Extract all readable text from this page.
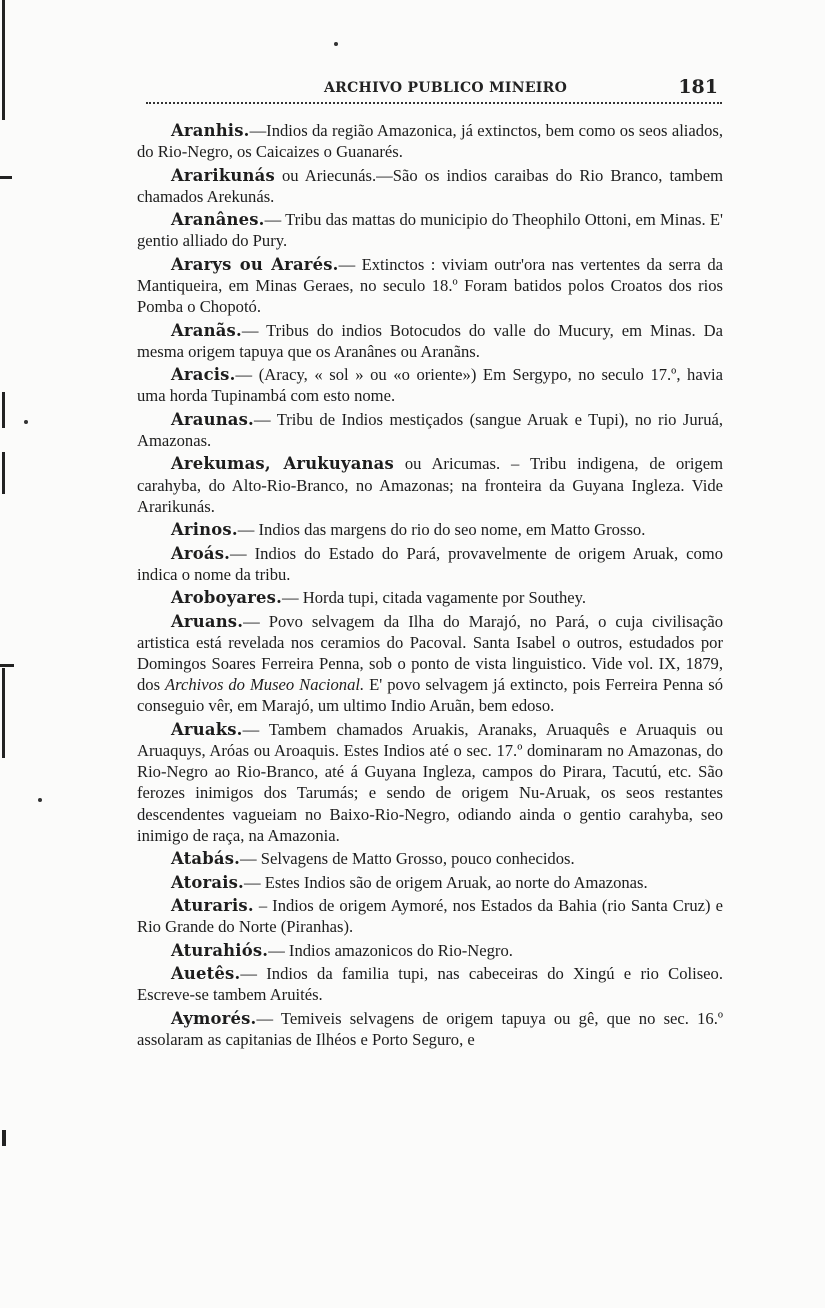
ARCHIVO PUBLICO MINEIRO	181

Aranhis.—Indios da região Amazonica, já extinctos, bem como os seos aliados, do Rio-Negro, os Caicaizes o Guanarés.

Ararikunás ou Ariecunás.—São os indios caraibas do Rio Branco, tambem chamados Arekunás.

Aranânes.— Tribu das mattas do municipio do Theophilo Ottoni, em Minas. E' gentio alliado do Pury.

Ararys ou Ararés.— Extinctos : viviam outr'ora nas vertentes da serra da Mantiqueira, em Minas Geraes, no seculo 18.º Foram batidos polos Croatos dos rios Pomba o Chopotó.

Aranãs.— Tribus do indios Botocudos do valle do Mucury, em Minas. Da mesma origem tapuya que os Aranânes ou Aranãns.

Aracis.— (Aracy, « sol » ou «o oriente») Em Sergypo, no seculo 17.º, havia uma horda Tupinambá com esto nome.

Araunas.— Tribu de Indios mestiçados (sangue Aruak e Tupi), no rio Juruá, Amazonas.

Arekumas, Arukuyanas ou Aricumas. – Tribu indigena, de origem carahyba, do Alto-Rio-Branco, no Amazonas; na fronteira da Guyana Ingleza. Vide Ararikunás.

Arinos.— Indios das margens do rio do seo nome, em Matto Grosso.

Aroás.— Indios do Estado do Pará, provavelmente de origem Aruak, como indica o nome da tribu.

Aroboyares.— Horda tupi, citada vagamente por Southey.

Aruans.— Povo selvagem da Ilha do Marajó, no Pará, o cuja civilisação artistica está revelada nos ceramios do Pacoval. Santa Isabel o outros, estudados por Domingos Soares Ferreira Penna, sob o ponto de vista linguistico. Vide vol. IX, 1879, dos Archivos do Museo Nacional. E' povo selvagem já extincto, pois Ferreira Penna só conseguio vêr, em Marajó, um ultimo Indio Aruãn, bem edoso.

Aruaks.— Tambem chamados Aruakis, Aranaks, Aruaquês e Aruaquis ou Aruaquys, Aróas ou Aroaquis. Estes Indios até o sec. 17.º dominaram no Amazonas, do Rio-Negro ao Rio-Branco, até á Guyana Ingleza, campos do Pirara, Tacutú, etc. São ferozes inimigos dos Tarumás; e sendo de origem Nu-Aruak, os seos restantes descendentes vagueiam no Baixo-Rio-Negro, odiando ainda o gentio carahyba, seo inimigo de raça, na Amazonia.

Atabás.— Selvagens de Matto Grosso, pouco conhecidos.

Atorais.— Estes Indios são de origem Aruak, ao norte do Amazonas.

Aturaris. – Indios de origem Aymoré, nos Estados da Bahia (rio Santa Cruz) e Rio Grande do Norte (Piranhas).

Aturahiós.— Indios amazonicos do Rio-Negro.

Auetês.— Indios da familia tupi, nas cabeceiras do Xingú e rio Coliseo. Escreve-se tambem Aruités.

Aymorés.— Temiveis selvagens de origem tapuya ou gê, que no sec. 16.º assolaram as capitanias de Ilhéos e Porto Seguro, e
